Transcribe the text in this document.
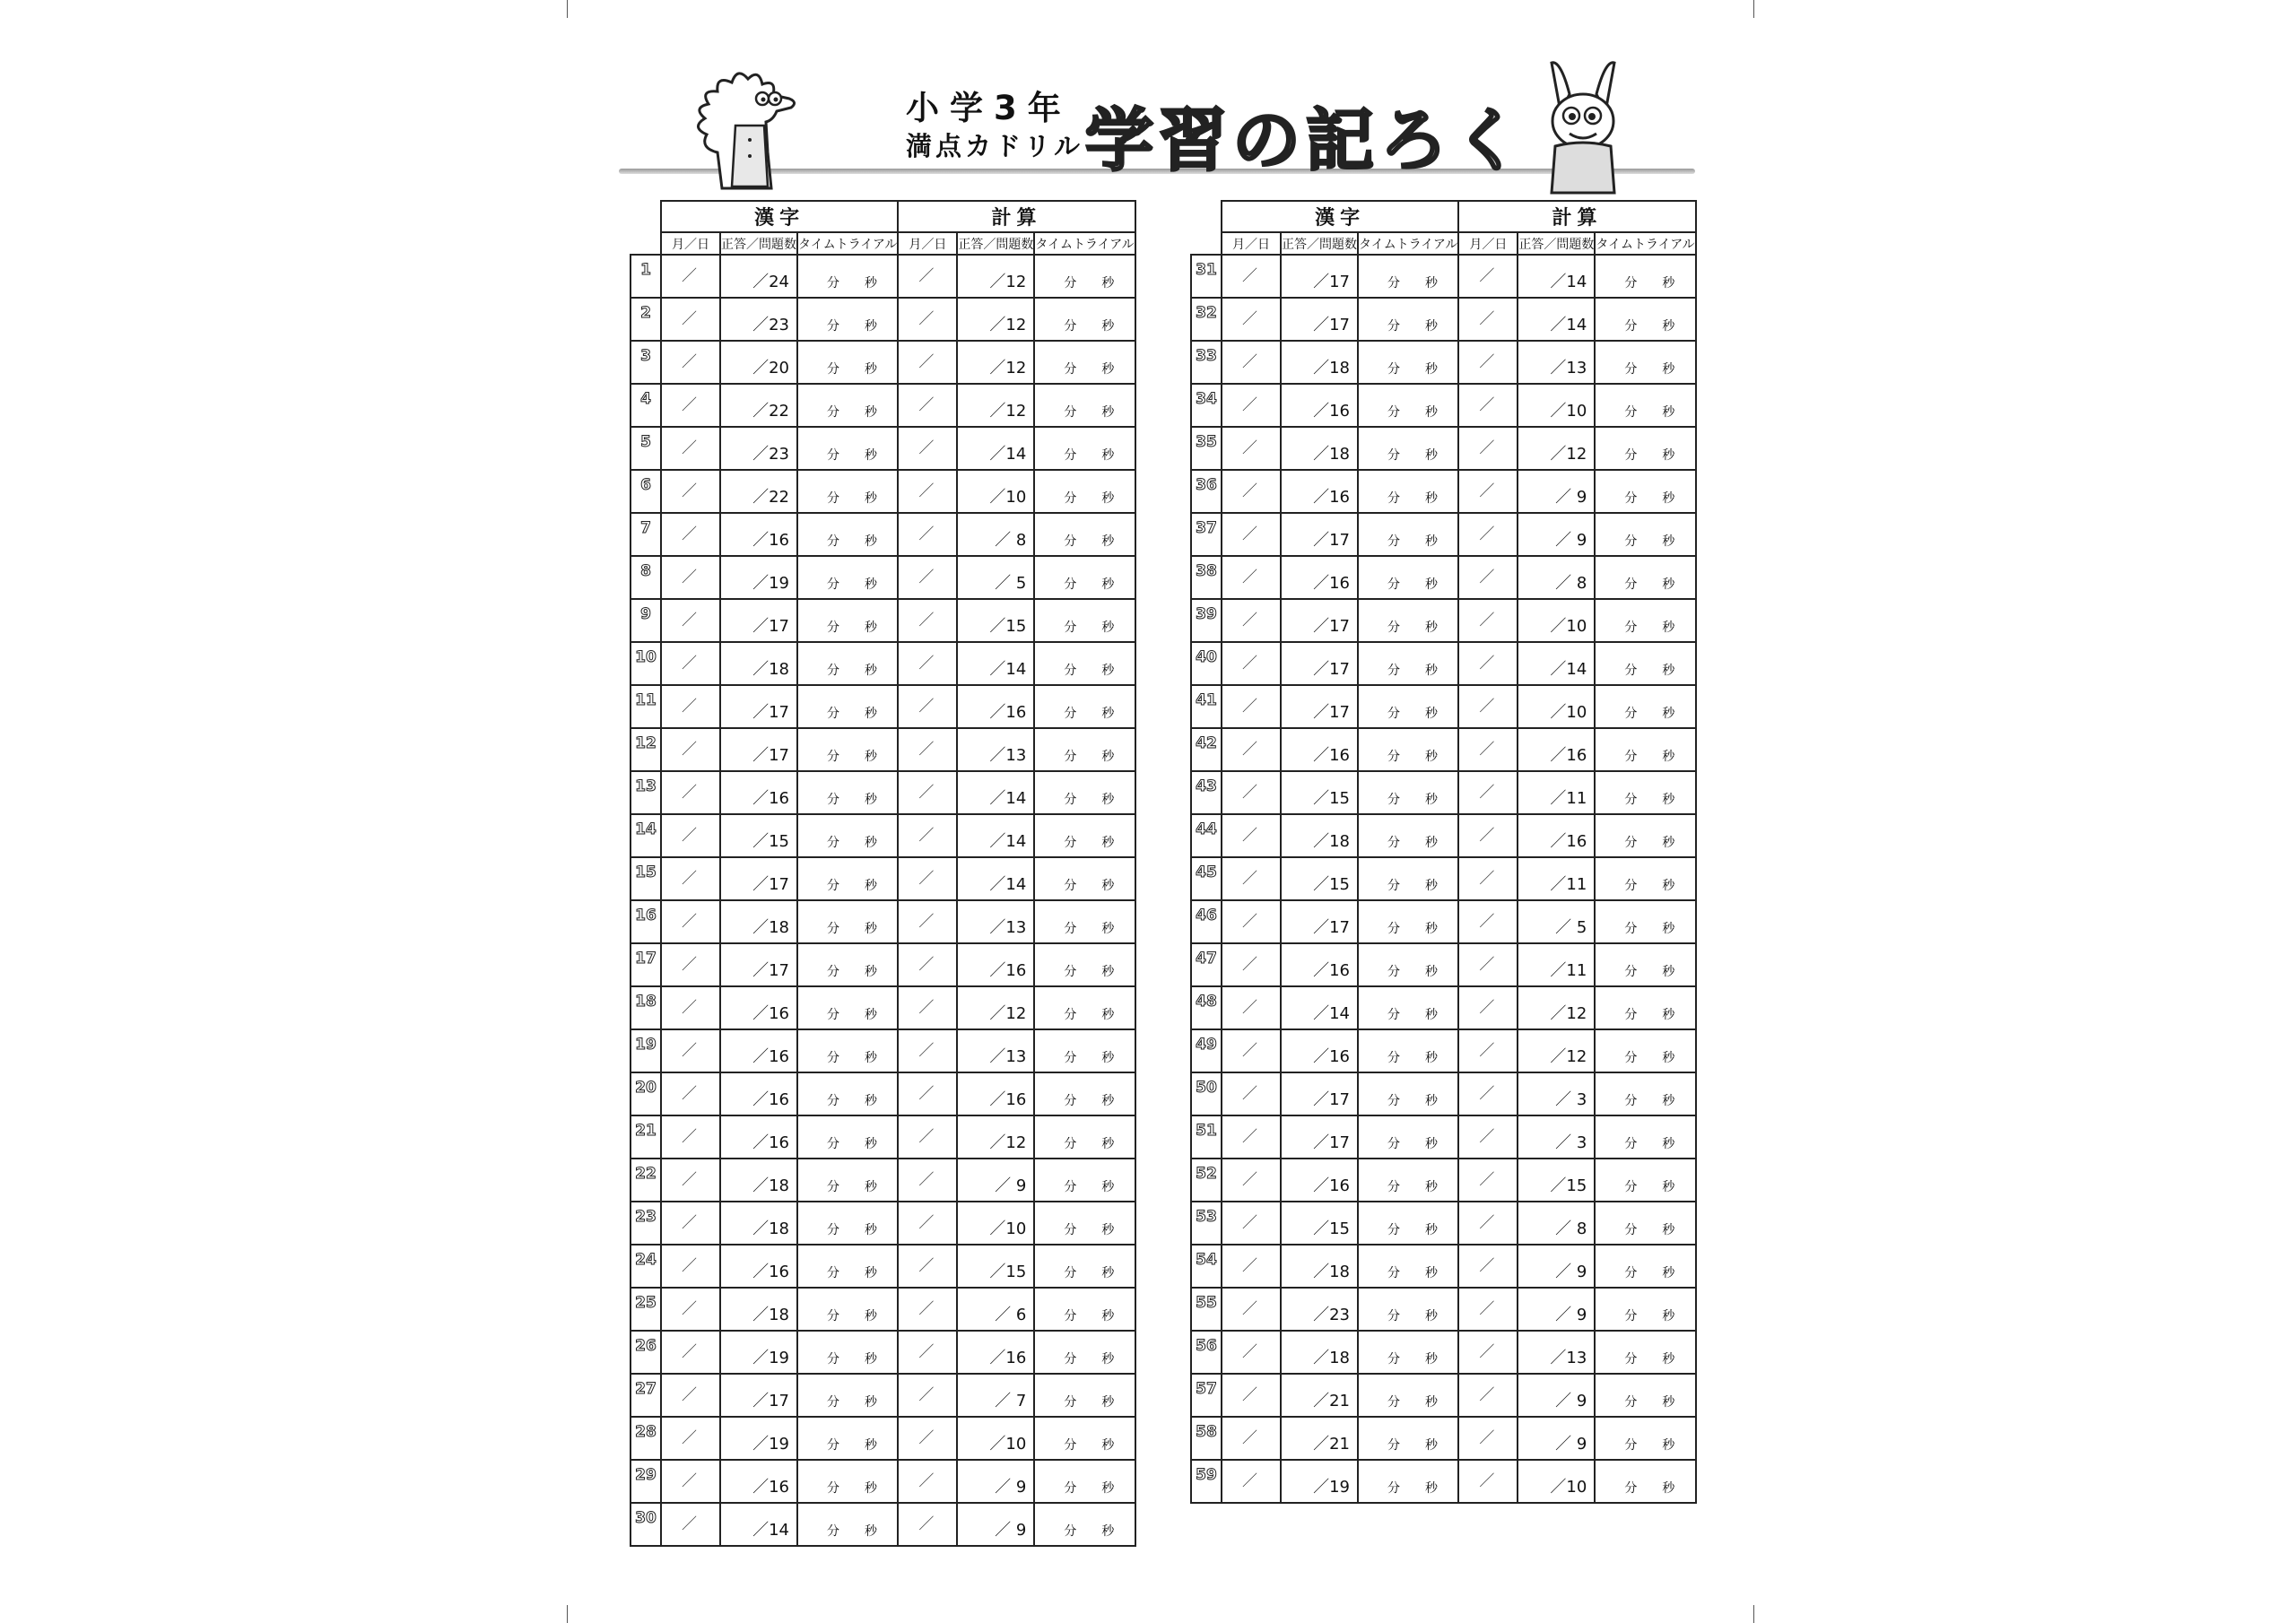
小学3年
満点カドリル 学習の記ろく
	漢字			計算		
	月／日	正答／問題数	タイムトライアル	月／日	正答／問題数	タイムトライアル
1	／	／24	分 秒	／	／12	分 秒
2	／	／23	分 秒	／	／12	分 秒
3	／	／20	分 秒	／	／12	分 秒
4	／	／22	分 秒	／	／12	分 秒
5	／	／23	分 秒	／	／14	分 秒
6	／	／22	分 秒	／	／10	分 秒
7	／	／16	分 秒	／	／ 8	分 秒
8	／	／19	分 秒	／	／ 5	分 秒
9	／	／17	分 秒	／	／15	分 秒
10	／	／18	分 秒	／	／14	分 秒
11	／	／17	分 秒	／	／16	分 秒
12	／	／17	分 秒	／	／13	分 秒
13	／	／16	分 秒	／	／14	分 秒
14	／	／15	分 秒	／	／14	分 秒
15	／	／17	分 秒	／	／14	分 秒
16	／	／18	分 秒	／	／13	分 秒
17	／	／17	分 秒	／	／16	分 秒
18	／	／16	分 秒	／	／12	分 秒
19	／	／16	分 秒	／	／13	分 秒
20	／	／16	分 秒	／	／16	分 秒
21	／	／16	分 秒	／	／12	分 秒
22	／	／18	分 秒	／	／ 9	分 秒
23	／	／18	分 秒	／	／10	分 秒
24	／	／16	分 秒	／	／15	分 秒
25	／	／18	分 秒	／	／ 6	分 秒
26	／	／19	分 秒	／	／16	分 秒
27	／	／17	分 秒	／	／ 7	分 秒
28	／	／19	分 秒	／	／10	分 秒
29	／	／16	分 秒	／	／ 9	分 秒
30	／	／14	分 秒	／	／ 9	分 秒
	漢字			計算		
	月／日	正答／問題数	タイムトライアル	月／日	正答／問題数	タイムトライアル
31	／	／17	分 秒	／	／14	分 秒
32	／	／17	分 秒	／	／14	分 秒
33	／	／18	分 秒	／	／13	分 秒
34	／	／16	分 秒	／	／10	分 秒
35	／	／18	分 秒	／	／12	分 秒
36	／	／16	分 秒	／	／ 9	分 秒
37	／	／17	分 秒	／	／ 9	分 秒
38	／	／16	分 秒	／	／ 8	分 秒
39	／	／17	分 秒	／	／10	分 秒
40	／	／17	分 秒	／	／14	分 秒
41	／	／17	分 秒	／	／10	分 秒
42	／	／16	分 秒	／	／16	分 秒
43	／	／15	分 秒	／	／11	分 秒
44	／	／18	分 秒	／	／16	分 秒
45	／	／15	分 秒	／	／11	分 秒
46	／	／17	分 秒	／	／ 5	分 秒
47	／	／16	分 秒	／	／11	分 秒
48	／	／14	分 秒	／	／12	分 秒
49	／	／16	分 秒	／	／12	分 秒
50	／	／17	分 秒	／	／ 3	分 秒
51	／	／17	分 秒	／	／ 3	分 秒
52	／	／16	分 秒	／	／15	分 秒
53	／	／15	分 秒	／	／ 8	分 秒
54	／	／18	分 秒	／	／ 9	分 秒
55	／	／23	分 秒	／	／ 9	分 秒
56	／	／18	分 秒	／	／13	分 秒
57	／	／21	分 秒	／	／ 9	分 秒
58	／	／21	分 秒	／	／ 9	分 秒
59	／	／19	分 秒	／	／10	分 秒
